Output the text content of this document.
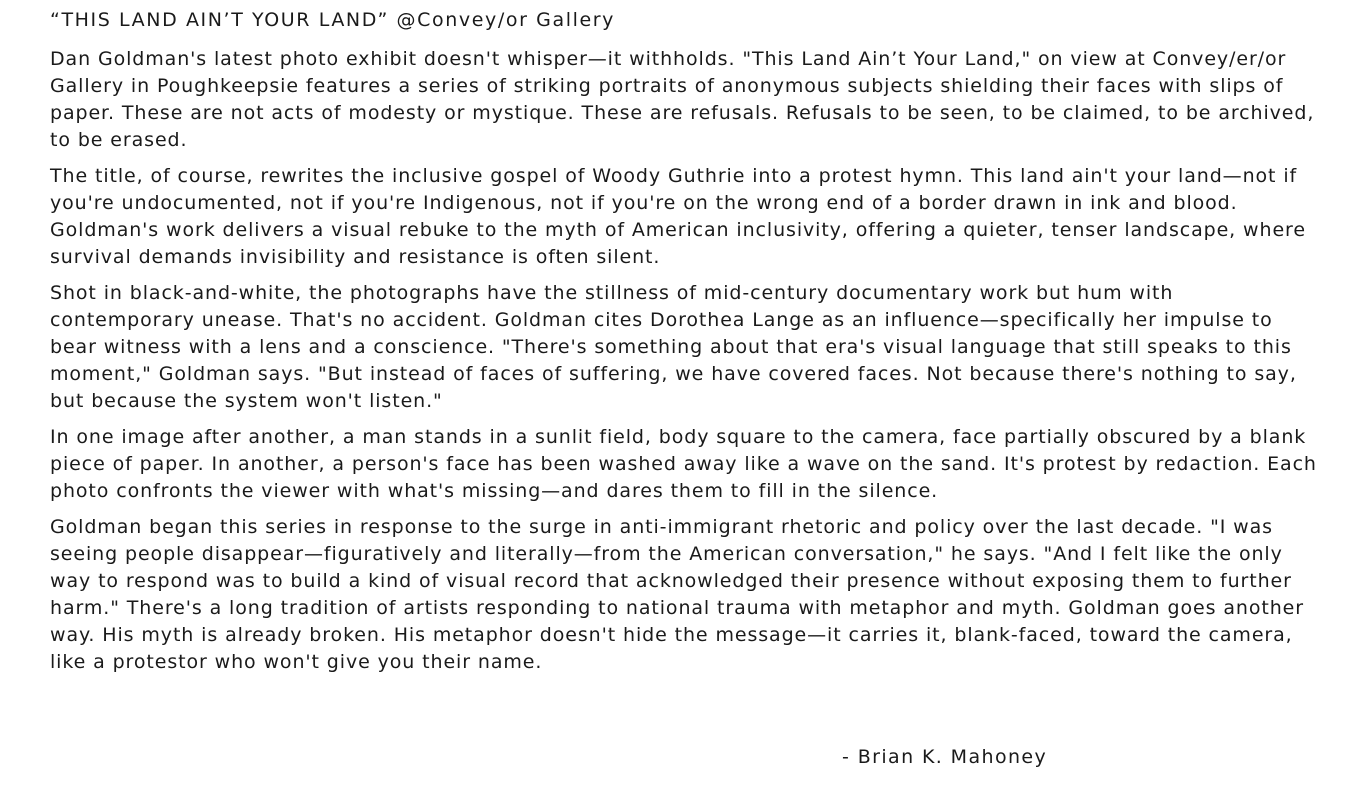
“THIS LAND AIN’T YOUR LAND” @Convey/or Gallery

Dan Goldman's latest photo exhibit doesn't whisper—it withholds. "This Land Ain’t Your Land," on view at Convey/er/or Gallery in Poughkeepsie features a series of striking portraits of anonymous subjects shielding their faces with slips of paper. These are not acts of modesty or mystique. These are refusals. Refusals to be seen, to be claimed, to be archived, to be erased.

The title, of course, rewrites the inclusive gospel of Woody Guthrie into a protest hymn. This land ain't your land—not if you're undocumented, not if you're Indigenous, not if you're on the wrong end of a border drawn in ink and blood. Goldman's work delivers a visual rebuke to the myth of American inclusivity, offering a quieter, tenser landscape, where survival demands invisibility and resistance is often silent.

Shot in black-and-white, the photographs have the stillness of mid-century documentary work but hum with contemporary unease. That's no accident. Goldman cites Dorothea Lange as an influence—specifically her impulse to bear witness with a lens and a conscience. "There's something about that era's visual language that still speaks to this moment," Goldman says. "But instead of faces of suffering, we have covered faces. Not because there's nothing to say, but because the system won't listen."

In one image after another, a man stands in a sunlit field, body square to the camera, face partially obscured by a blank piece of paper. In another, a person's face has been washed away like a wave on the sand. It's protest by redaction. Each photo confronts the viewer with what's missing—and dares them to fill in the silence.

Goldman began this series in response to the surge in anti-immigrant rhetoric and policy over the last decade. "I was seeing people disappear—figuratively and literally—from the American conversation," he says. "And I felt like the only way to respond was to build a kind of visual record that acknowledged their presence without exposing them to further harm." There's a long tradition of artists responding to national trauma with metaphor and myth. Goldman goes another way. His myth is already broken. His metaphor doesn't hide the message—it carries it, blank-faced, toward the camera, like a protestor who won't give you their name.

- Brian K. Mahoney
